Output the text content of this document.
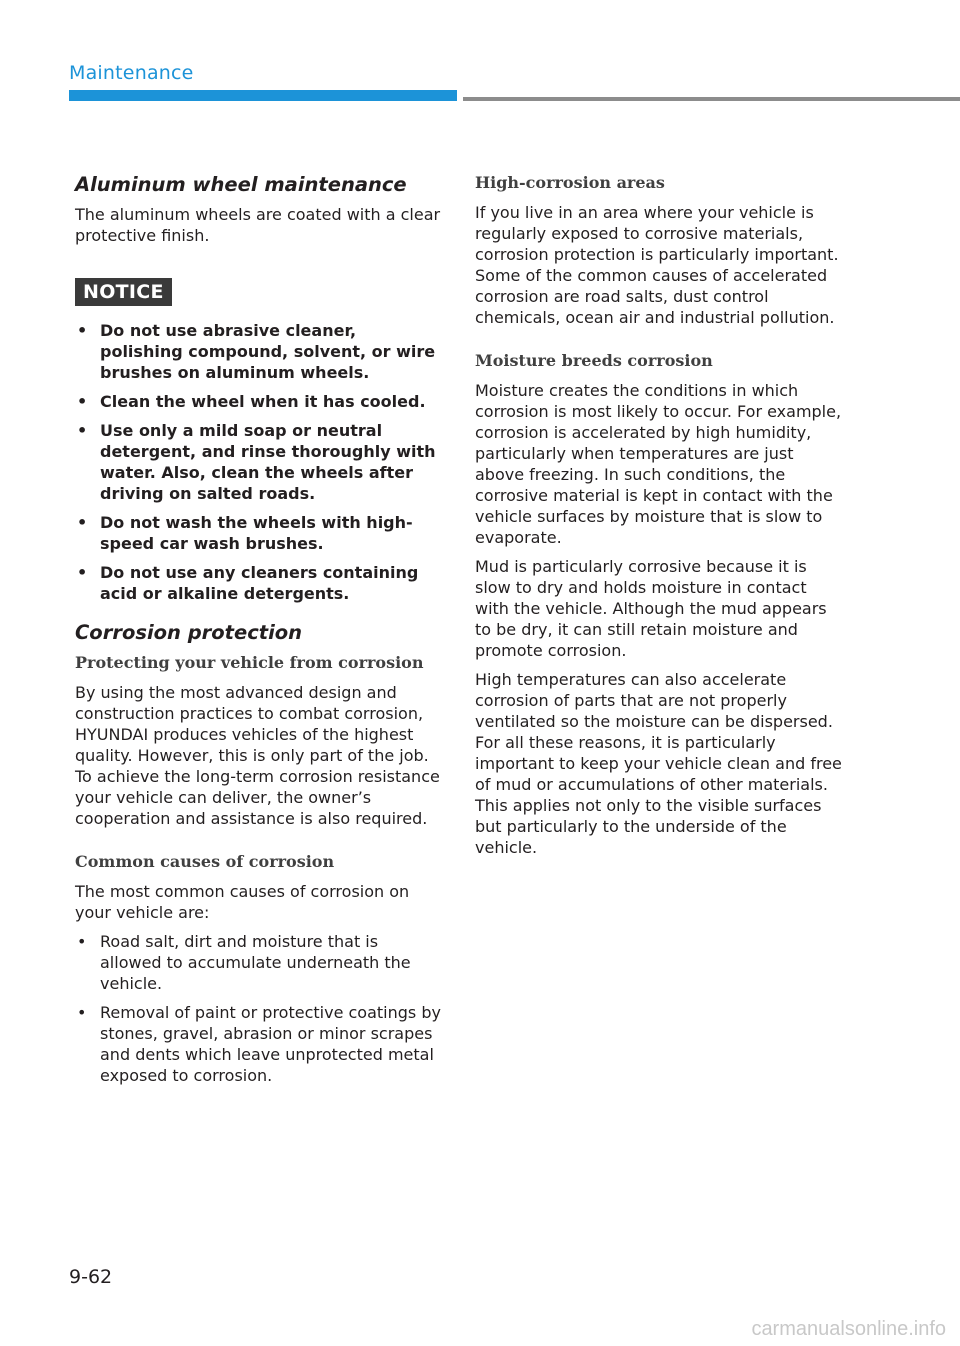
Maintenance
Aluminum wheel maintenance
The aluminum wheels are coated with a clear protective finish.
NOTICE
• Do not use abrasive cleaner, polishing compound, solvent, or wire brushes on aluminum wheels.
• Clean the wheel when it has cooled.
• Use only a mild soap or neutral detergent, and rinse thoroughly with water. Also, clean the wheels after driving on salted roads.
• Do not wash the wheels with high-speed car wash brushes.
• Do not use any cleaners containing acid or alkaline detergents.
Corrosion protection
Protecting your vehicle from corrosion
By using the most advanced design and construction practices to combat corrosion, HYUNDAI produces vehicles of the highest quality. However, this is only part of the job. To achieve the long-term corrosion resistance your vehicle can deliver, the owner’s cooperation and assistance is also required.
Common causes of corrosion
The most common causes of corrosion on your vehicle are:
• Road salt, dirt and moisture that is allowed to accumulate underneath the vehicle.
• Removal of paint or protective coatings by stones, gravel, abrasion or minor scrapes and dents which leave unprotected metal exposed to corrosion.
High-corrosion areas
If you live in an area where your vehicle is regularly exposed to corrosive materials, corrosion protection is particularly important. Some of the common causes of accelerated corrosion are road salts, dust control chemicals, ocean air and industrial pollution.
Moisture breeds corrosion
Moisture creates the conditions in which corrosion is most likely to occur. For example, corrosion is accelerated by high humidity, particularly when temperatures are just above freezing. In such conditions, the corrosive material is kept in contact with the vehicle surfaces by moisture that is slow to evaporate.
Mud is particularly corrosive because it is slow to dry and holds moisture in contact with the vehicle. Although the mud appears to be dry, it can still retain moisture and promote corrosion.
High temperatures can also accelerate corrosion of parts that are not properly ventilated so the moisture can be dispersed. For all these reasons, it is particularly important to keep your vehicle clean and free of mud or accumulations of other materials. This applies not only to the visible surfaces but particularly to the underside of the vehicle.
9-62
carmanualsonline.info
